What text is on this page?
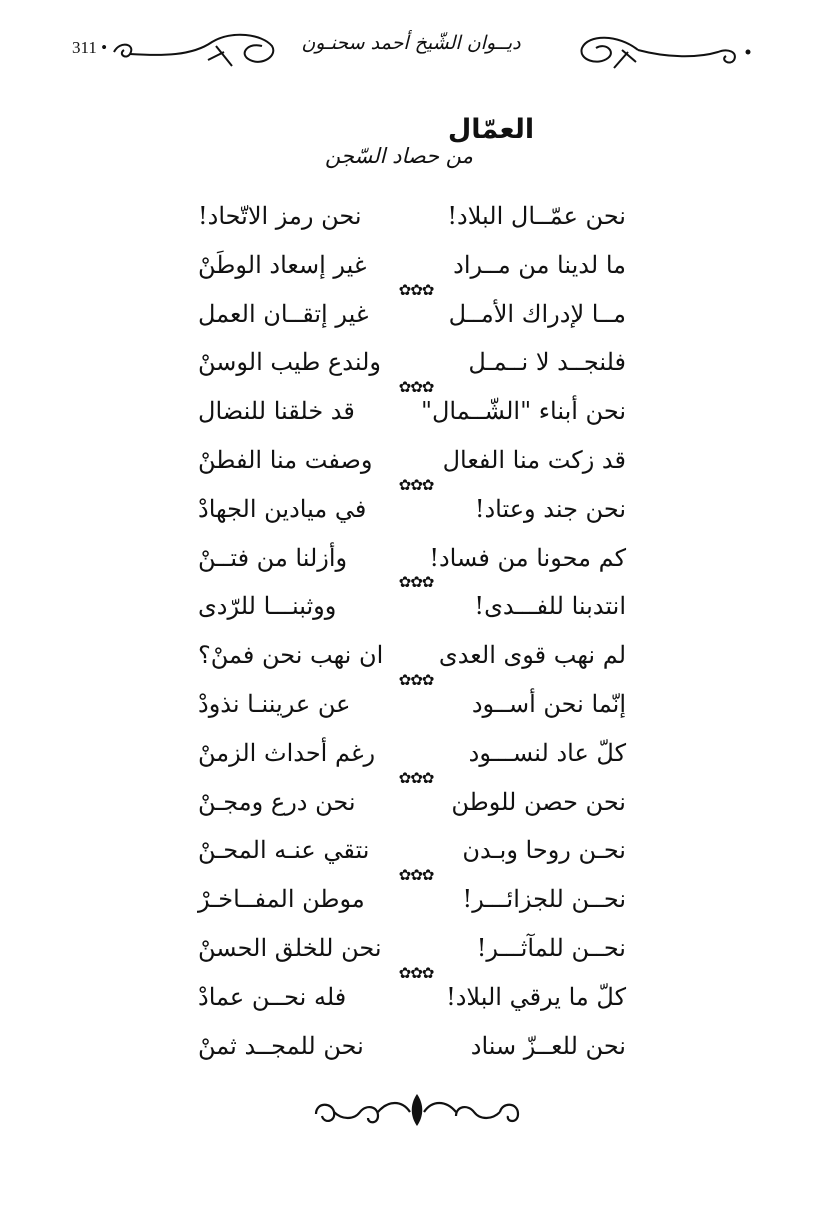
311 •	ديــوان الشّيخ أحمد سحنـون
العمّال
من حصاد السّجن
نحن عمّــال البلاد!
نحن رمز الاتّحاد!
ما لدينا من مــراد
غير إسعاد الوطَنْ
مــا لإدراك الأمــل
غير إتقــان العمل
فلنجــد لا نــمـل
ولندع طيب الوسنْ
نحن أبناء "الشّــمال"
قد خلقنا للنضال
قد زكت منا الفعال
وصفت منا الفطنْ
نحن جند وعتاد!
في ميادين الجهادْ
كم محونا من فساد!
وأزلنا من فتــنْ
انتدبنا للفـــدى!
ووثبنـــا للرّدى
لم نهب قوى العدى
ان نهب نحن فمنْ؟
إنّما نحن أســود
عن عريننـا نذودْ
كلّ عاد لنســـود
رغم أحداث الزمنْ
نحن حصن للوطن
نحن درع ومجـنْ
نحـن روحا وبـدن
نتقي عنـه المحـنْ
نحــن للجزائـــر!
موطن المفــاخـرْ
نحــن للمآثـــر!
نحن للخلق الحسنْ
كلّ ما يرقي البلاد!
فله نحــن عمادْ
نحن للعــزّ سناد
نحن للمجــد ثمنْ
✿✿✿
✿✿✿
✿✿✿
✿✿✿
✿✿✿
✿✿✿
✿✿✿
✿✿✿
